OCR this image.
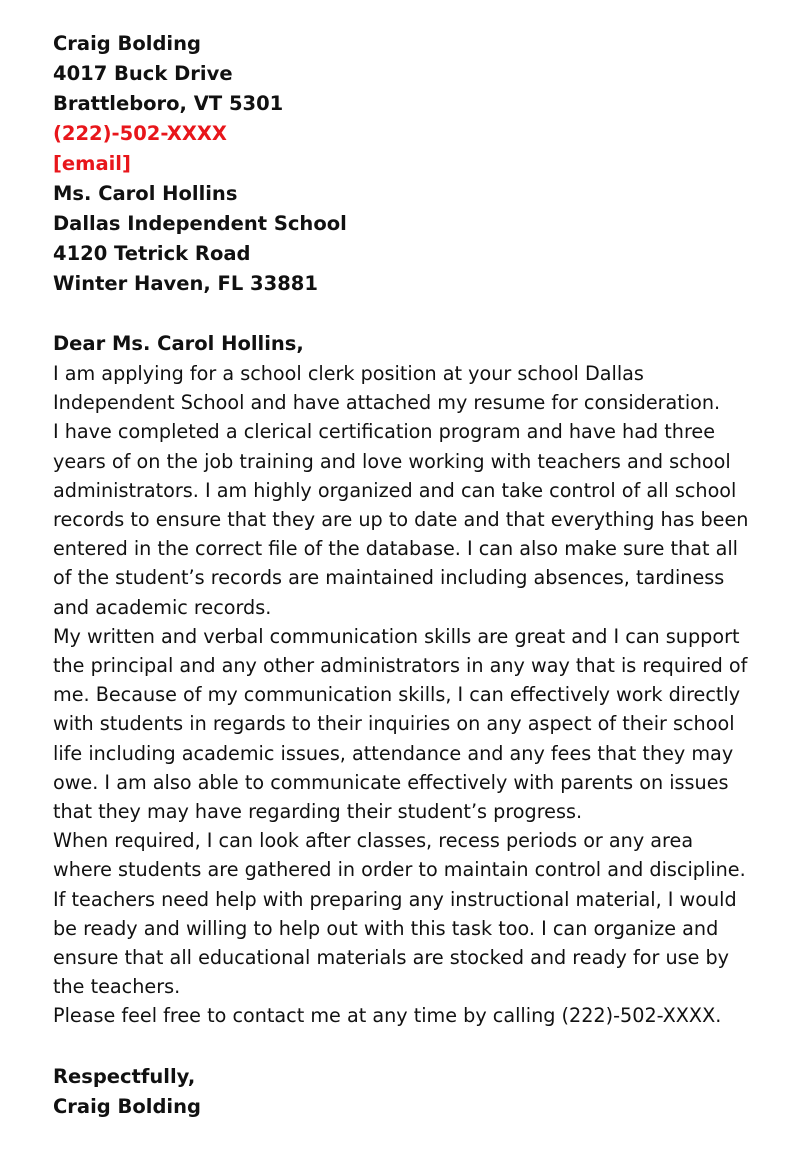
Craig Bolding
4017 Buck Drive
Brattleboro, VT 5301
(222)-502-XXXX
[email]
Ms. Carol Hollins
Dallas Independent School
4120 Tetrick Road
Winter Haven, FL 33881
Dear Ms. Carol Hollins,
I am applying for a school clerk position at your school Dallas
Independent School and have attached my resume for consideration.
I have completed a clerical certification program and have had three
years of on the job training and love working with teachers and school
administrators. I am highly organized and can take control of all school
records to ensure that they are up to date and that everything has been
entered in the correct file of the database. I can also make sure that all
of the student’s records are maintained including absences, tardiness
and academic records.
My written and verbal communication skills are great and I can support
the principal and any other administrators in any way that is required of
me. Because of my communication skills, I can effectively work directly
with students in regards to their inquiries on any aspect of their school
life including academic issues, attendance and any fees that they may
owe. I am also able to communicate effectively with parents on issues
that they may have regarding their student’s progress.
When required, I can look after classes, recess periods or any area
where students are gathered in order to maintain control and discipline.
If teachers need help with preparing any instructional material, I would
be ready and willing to help out with this task too. I can organize and
ensure that all educational materials are stocked and ready for use by
the teachers.
Please feel free to contact me at any time by calling (222)-502-XXXX.
Respectfully,
Craig Bolding
